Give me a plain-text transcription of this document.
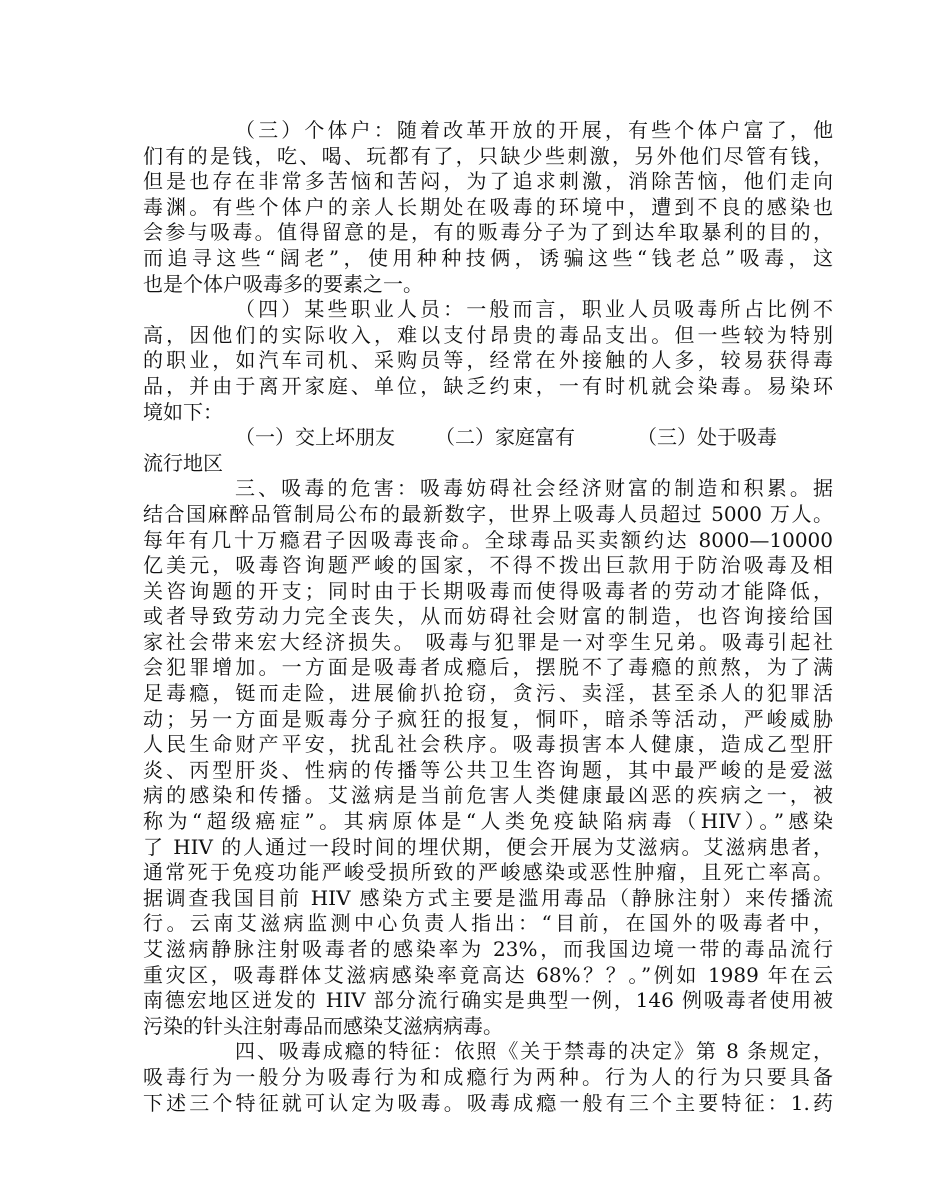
（三）个体户：随着改革开放的开展，有些个体户富了，他
们有的是钱，吃、喝、玩都有了，只缺少些刺激，另外他们尽管有钱，
但是也存在非常多苦恼和苦闷，为了追求刺激，消除苦恼，他们走向
毒渊。有些个体户的亲人长期处在吸毒的环境中，遭到不良的感染也
会参与吸毒。值得留意的是，有的贩毒分子为了到达牟取暴利的目的，
而追寻这些“阔老”，使用种种技俩，诱骗这些“钱老总”吸毒，这
也是个体户吸毒多的要素之一。
（四）某些职业人员：一般而言，职业人员吸毒所占比例不
高，因他们的实际收入，难以支付昂贵的毒品支出。但一些较为特别
的职业，如汽车司机、采购员等，经常在外接触的人多，较易获得毒
品，并由于离开家庭、单位，缺乏约束，一有时机就会染毒。易染环
境如下：
（一）交上坏朋友 （二）家庭富有	（三）处于吸毒
流行地区
三、吸毒的危害：吸毒妨碍社会经济财富的制造和积累。据
结合国麻醉品管制局公布的最新数字，世界上吸毒人员超过 5000 万人。
每年有几十万瘾君子因吸毒丧命。全球毒品买卖额约达 8000—10000
亿美元，吸毒咨询题严峻的国家，不得不拨出巨款用于防治吸毒及相
关咨询题的开支；同时由于长期吸毒而使得吸毒者的劳动才能降低，
或者导致劳动力完全丧失，从而妨碍社会财富的制造，也咨询接给国
家社会带来宏大经济损失。 吸毒与犯罪是一对孪生兄弟。吸毒引起社
会犯罪增加。一方面是吸毒者成瘾后，摆脱不了毒瘾的煎熬，为了满
足毒瘾，铤而走险，进展偷扒抢窃，贪污、卖淫，甚至杀人的犯罪活
动；另一方面是贩毒分子疯狂的报复，恫吓，暗杀等活动，严峻威胁
人民生命财产平安，扰乱社会秩序。吸毒损害本人健康，造成乙型肝
炎、丙型肝炎、性病的传播等公共卫生咨询题，其中最严峻的是爱滋
病的感染和传播。艾滋病是当前危害人类健康最凶恶的疾病之一，被
称为“超级癌症”。其病原体是“人类免疫缺陷病毒（HIV）。”感染
了 HIV 的人通过一段时间的埋伏期，便会开展为艾滋病。艾滋病患者，
通常死于免疫功能严峻受损所致的严峻感染或恶性肿瘤，且死亡率高。
据调查我国目前 HIV 感染方式主要是滥用毒品（静脉注射）来传播流
行。云南艾滋病监测中心负责人指出：“目前，在国外的吸毒者中，
艾滋病静脉注射吸毒者的感染率为 23%，而我国边境一带的毒品流行
重灾区，吸毒群体艾滋病感染率竟高达 68%？？。”例如 1989 年在云
南德宏地区迸发的 HIV 部分流行确实是典型一例，146 例吸毒者使用被
污染的针头注射毒品而感染艾滋病病毒。
四、吸毒成瘾的特征：依照《关于禁毒的决定》第 8 条规定，
吸毒行为一般分为吸毒行为和成瘾行为两种。行为人的行为只要具备
下述三个特征就可认定为吸毒。吸毒成瘾一般有三个主要特征：1.药
